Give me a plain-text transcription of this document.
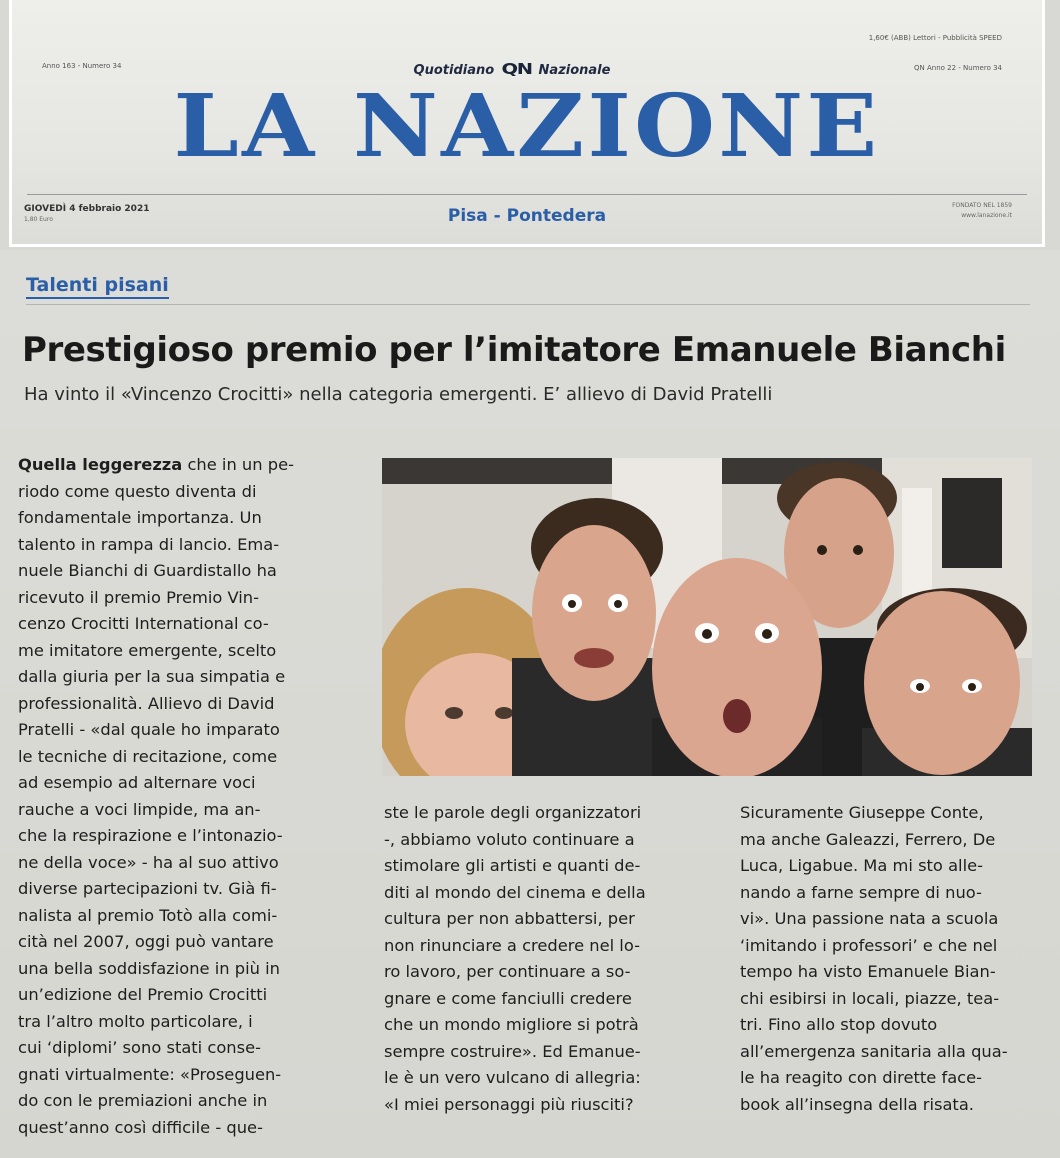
Anno 163 - Numero 34
1,60€ (ABB) Lettori - Pubblicità SPEED
QN Anno 22 - Numero 34
Quotidiano QN Nazionale
LA NAZIONE
GIOVEDÌ 4 febbraio 2021
1,80 Euro	Pisa - Pontedera
FONDATO NEL 1859
www.lanazione.it
Talenti pisani
Prestigioso premio per l’imitatore Emanuele Bianchi
Ha vinto il «Vincenzo Crocitti» nella categoria emergenti. E’ allievo di David Pratelli
Quella leggerezza che in un pe-
riodo come questo diventa di
fondamentale importanza. Un
talento in rampa di lancio. Ema-
nuele Bianchi di Guardistallo ha
ricevuto il premio Premio Vin-
cenzo Crocitti International co-
me imitatore emergente, scelto
dalla giuria per la sua simpatia e
professionalità. Allievo di David
Pratelli - «dal quale ho imparato
le tecniche di recitazione, come
ad esempio ad alternare voci
rauche a voci limpide, ma an-
che la respirazione e l’intonazio-
ne della voce» - ha al suo attivo
diverse partecipazioni tv. Già fi-
nalista al premio Totò alla comi-
cità nel 2007, oggi può vantare
una bella soddisfazione in più in
un’edizione del Premio Crocitti
tra l’altro molto particolare, i
cui ‘diplomi’ sono stati conse-
gnati virtualmente: «Proseguen-
do con le premiazioni anche in
quest’anno così difficile - que-
ste le parole degli organizzatori
-, abbiamo voluto continuare a
stimolare gli artisti e quanti de-
diti al mondo del cinema e della
cultura per non abbattersi, per
non rinunciare a credere nel lo-
ro lavoro, per continuare a so-
gnare e come fanciulli credere
che un mondo migliore si potrà
sempre costruire». Ed Emanue-
le è un vero vulcano di allegria:
«I miei personaggi più riusciti?
Sicuramente Giuseppe Conte,
ma anche Galeazzi, Ferrero, De
Luca, Ligabue. Ma mi sto alle-
nando a farne sempre di nuo-
vi». Una passione nata a scuola
‘imitando i professori’ e che nel
tempo ha visto Emanuele Bian-
chi esibirsi in locali, piazze, tea-
tri. Fino allo stop dovuto
all’emergenza sanitaria alla qua-
le ha reagito con dirette face-
book all’insegna della risata.
